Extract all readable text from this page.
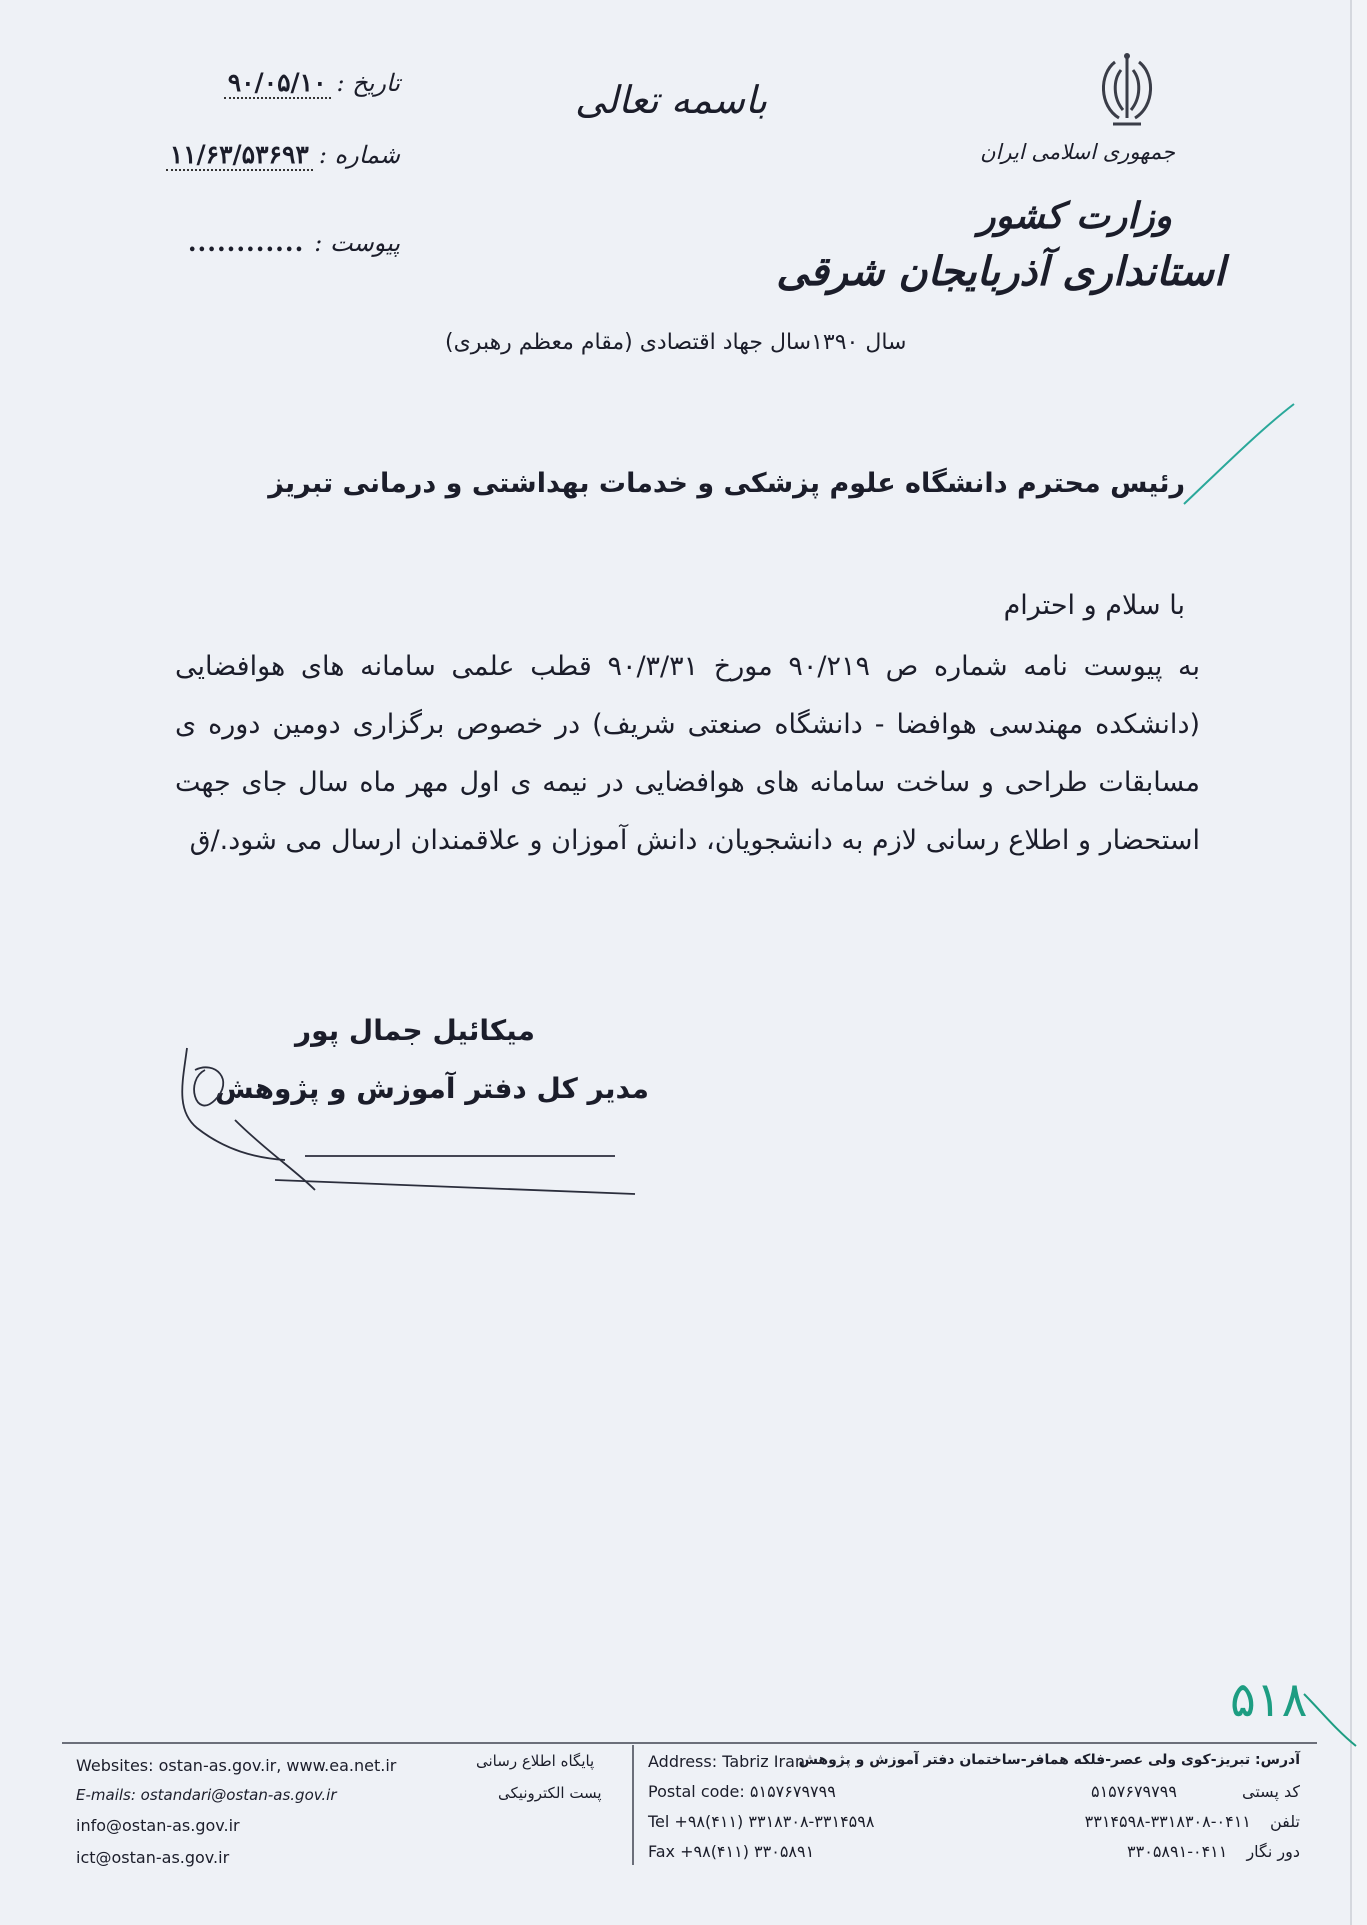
تاریخ :
۹۰/۰۵/۱۰
شماره :
۱۱/۶۳/۵۳۶۹۳
پیوست :
............
باسمه تعالی
جمهوری اسلامی ایران
وزارت کشور
استانداری آذربایجان شرقی
سال ۱۳۹۰سال جهاد اقتصادی (مقام معظم رهبری)
رئیس محترم دانشگاه علوم پزشکی و خدمات بهداشتی و درمانی تبریز
با سلام و احترام
به پیوست نامه شماره ص ۹۰/۲۱۹ مورخ ۹۰/۳/۳۱ قطب علمی سامانه های هوافضایی (دانشکده مهندسی هوافضا - دانشگاه صنعتی شریف) در خصوص برگزاری دومین دوره ی مسابقات طراحی و ساخت سامانه های هوافضایی در نیمه ی اول مهر ماه سال جای جهت استحضار و اطلاع رسانی لازم به دانشجویان، دانش آموزان و علاقمندان ارسال می شود./ق
میکائیل جمال پور
مدیر کل دفتر آموزش و پژوهش
۵۱۸
آدرس: تبریز-کوی ولی عصر-فلکه همافر-ساختمان دفتر آموزش و پژوهش
کد پستی ۵۱۵۷۶۷۹۷۹۹
تلفن ۰۴۱۱-۳۳۱۸۳۰۸-۳۳۱۴۵۹۸
دور نگار ۰۴۱۱-۳۳۰۵۸۹۱
Address: Tabriz Iran
Postal code: ۵۱۵۷۶۷۹۷۹۹
Tel +۹۸(۴۱۱) ۳۳۱۸۳۰۸-۳۳۱۴۵۹۸
Fax +۹۸(۴۱۱) ۳۳۰۵۸۹۱
Websites: ostan-as.gov.ir, www.ea.net.ir	پایگاه اطلاع رسانی
E-mails: ostandari@ostan-as.gov.ir	پست الکترونیکی
info@ostan-as.gov.ir
ict@ostan-as.gov.ir
